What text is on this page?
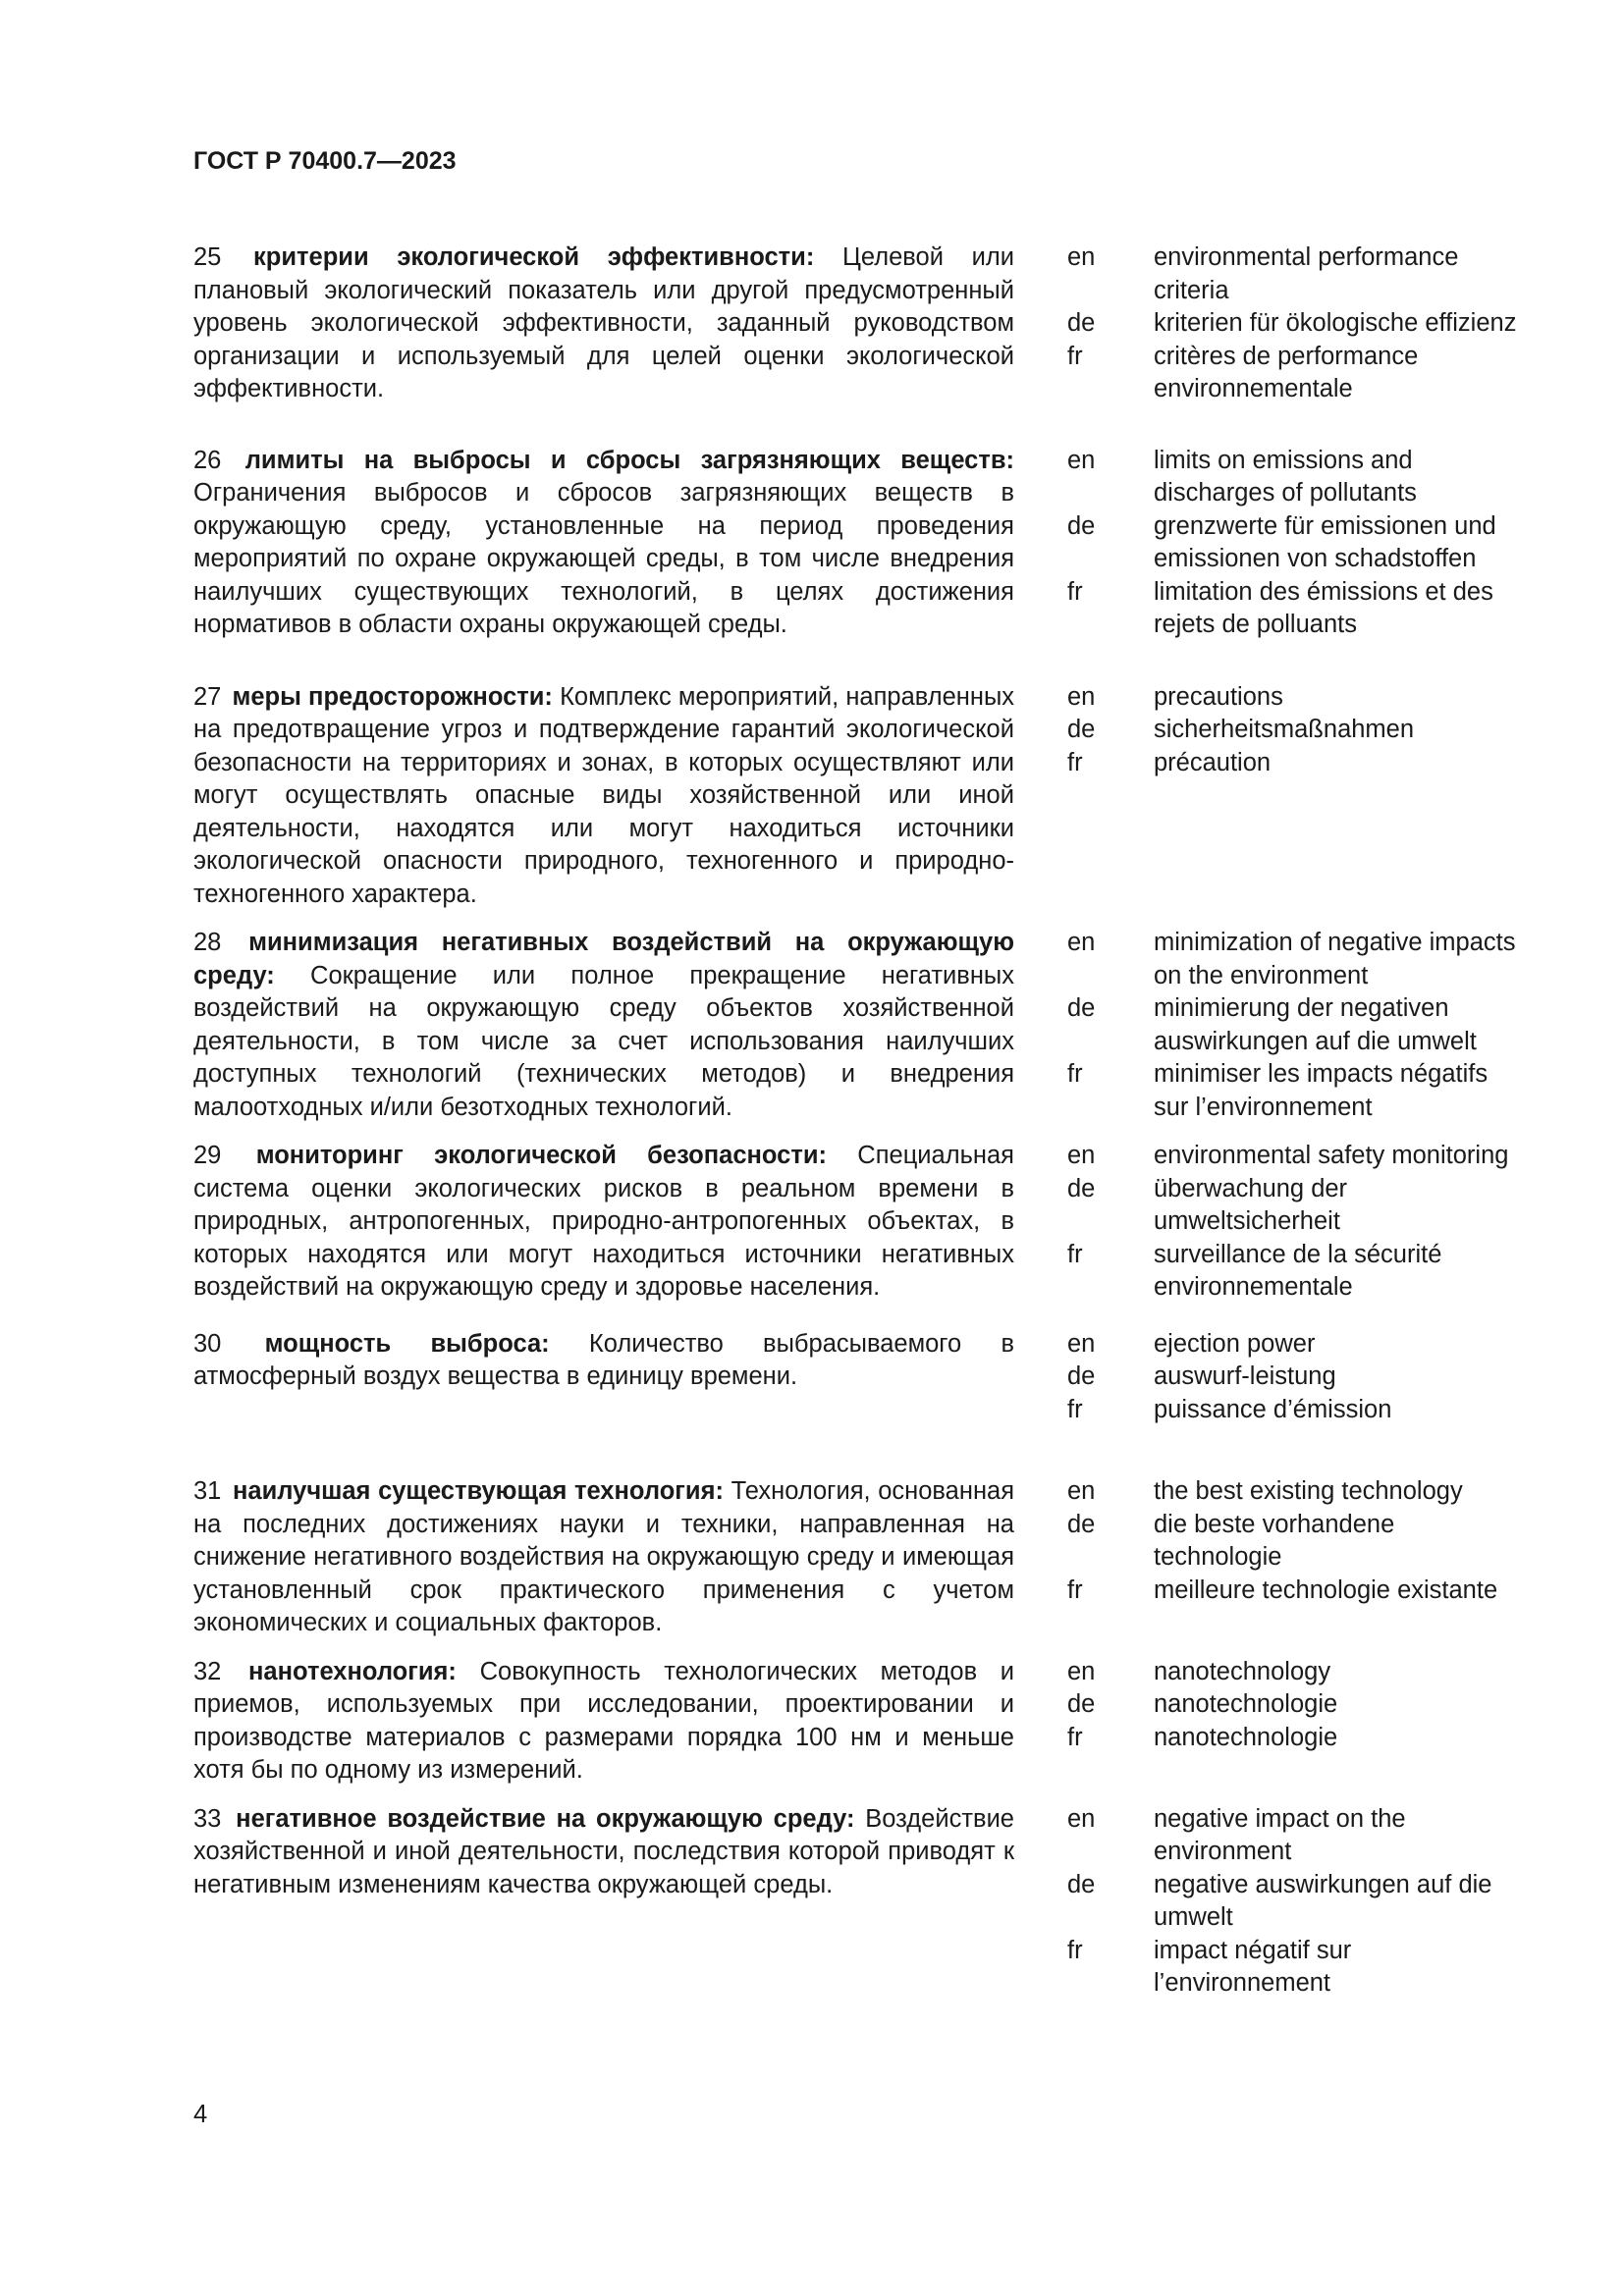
ГОСТ Р 70400.7—2023
25 критерии экологической эффективности: Целевой или плановый экологический показатель или другой предусмотренный уровень экологической эффективности, заданный руководством организации и используемый для целей оценки экологической эффективности.
en	environmental performance criteria
de	kriterien für ökologische effizienz
fr	critères de performance environnementale
26 лимиты на выбросы и сбросы загрязняющих веществ: Ограничения выбросов и сбросов загрязняющих веществ в окружающую среду, установленные на период проведения мероприятий по охране окружающей среды, в том числе внедрения наилучших существующих технологий, в целях достижения нормативов в области охраны окружающей среды.
en	limits on emissions and discharges of pollutants
de	grenzwerte für emissionen und emissionen von schadstoffen
fr	limitation des émissions et des rejets de polluants
27 меры предосторожности: Комплекс мероприятий, направленных на предотвращение угроз и подтверждение гарантий экологической безопасности на территориях и зонах, в которых осуществляют или могут осуществлять опасные виды хозяйственной или иной деятельности, находятся или могут находиться источники экологической опасности природного, техногенного и природно-техногенного характера.
en	precautions
de	sicherheitsmaßnahmen
fr	précaution
28 минимизация негативных воздействий на окружающую среду: Сокращение или полное прекращение негативных воздействий на окружающую среду объектов хозяйственной деятельности, в том числе за счет использования наилучших доступных технологий (технических методов) и внедрения малоотходных и/или безотходных технологий.
en	minimization of negative impacts on the environment
de	minimierung der negativen auswirkungen auf die umwelt
fr	minimiser les impacts négatifs sur l’environnement
29 мониторинг экологической безопасности: Специальная система оценки экологических рисков в реальном времени в природных, антропогенных, природно-антропогенных объектах, в которых находятся или могут находиться источники негативных воздействий на окружающую среду и здоровье населения.
en	environmental safety monitoring
de	überwachung der umweltsicherheit
fr	surveillance de la sécurité environnementale
30 мощность выброса: Количество выбрасываемого в атмосферный воздух вещества в единицу времени.
en	ejection power
de	auswurf-leistung
fr	puissance d’émission
31 наилучшая существующая технология: Технология, основанная на последних достижениях науки и техники, направленная на снижение негативного воздействия на окружающую среду и имеющая установленный срок практического применения с учетом экономических и социальных факторов.
en	the best existing technology
de	die beste vorhandene technologie
fr	meilleure technologie existante
32 нанотехнология: Совокупность технологических методов и приемов, используемых при исследовании, проектировании и производстве материалов с размерами порядка 100 нм и меньше хотя бы по одному из измерений.
en	nanotechnology
de	nanotechnologie
fr	nanotechnologie
33 негативное воздействие на окружающую среду: Воздействие хозяйственной и иной деятельности, последствия которой приводят к негативным изменениям качества окружающей среды.
en	negative impact on the environment
de	negative auswirkungen auf die umwelt
fr	impact négatif sur l’environnement
4
